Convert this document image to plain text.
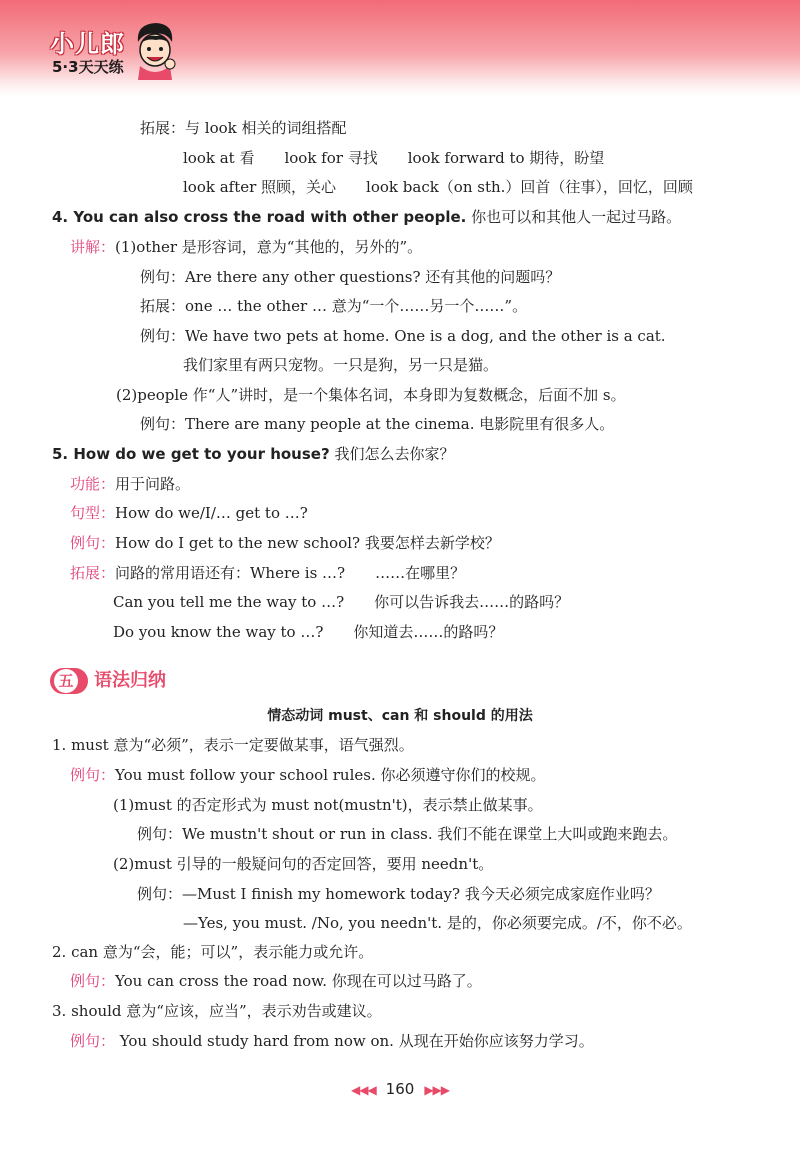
小儿郎
5·3天天练
拓展：与 look 相关的词组搭配
look at 看　　look for 寻找　　look forward to 期待，盼望
look after 照顾，关心　　look back（on sth.）回首（往事），回忆，回顾
4. You can also cross the road with other people. 你也可以和其他人一起过马路。
讲解：(1)other 是形容词，意为“其他的，另外的”。
例句：Are there any other questions? 还有其他的问题吗？
拓展：one … the other … 意为“一个……另一个……”。
例句：We have two pets at home. One is a dog, and the other is a cat.
我们家里有两只宠物。一只是狗，另一只是猫。
(2)people 作“人”讲时，是一个集体名词，本身即为复数概念，后面不加 s。
例句：There are many people at the cinema. 电影院里有很多人。
5. How do we get to your house? 我们怎么去你家？
功能：用于问路。
句型：How do we/I/… get to …?
例句：How do I get to the new school? 我要怎样去新学校？
拓展：问路的常用语还有：Where is …?　　……在哪里？
Can you tell me the way to …?　　你可以告诉我去……的路吗？
Do you know the way to …?　　你知道去……的路吗？
五 语法归纳
情态动词 must、can 和 should 的用法
1. must 意为“必须”，表示一定要做某事，语气强烈。
例句：You must follow your school rules. 你必须遵守你们的校规。
(1)must 的否定形式为 must not(mustn't)，表示禁止做某事。
例句：We mustn't shout or run in class. 我们不能在课堂上大叫或跑来跑去。
(2)must 引导的一般疑问句的否定回答，要用 needn't。
例句：—Must I finish my homework today? 我今天必须完成家庭作业吗？
—Yes, you must. /No, you needn't. 是的，你必须要完成。/不，你不必。
2. can 意为“会，能；可以”，表示能力或允许。
例句：You can cross the road now. 你现在可以过马路了。
3. should 意为“应该，应当”，表示劝告或建议。
例句： You should study hard from now on. 从现在开始你应该努力学习。
◀◀◀ 160 ▶▶▶
